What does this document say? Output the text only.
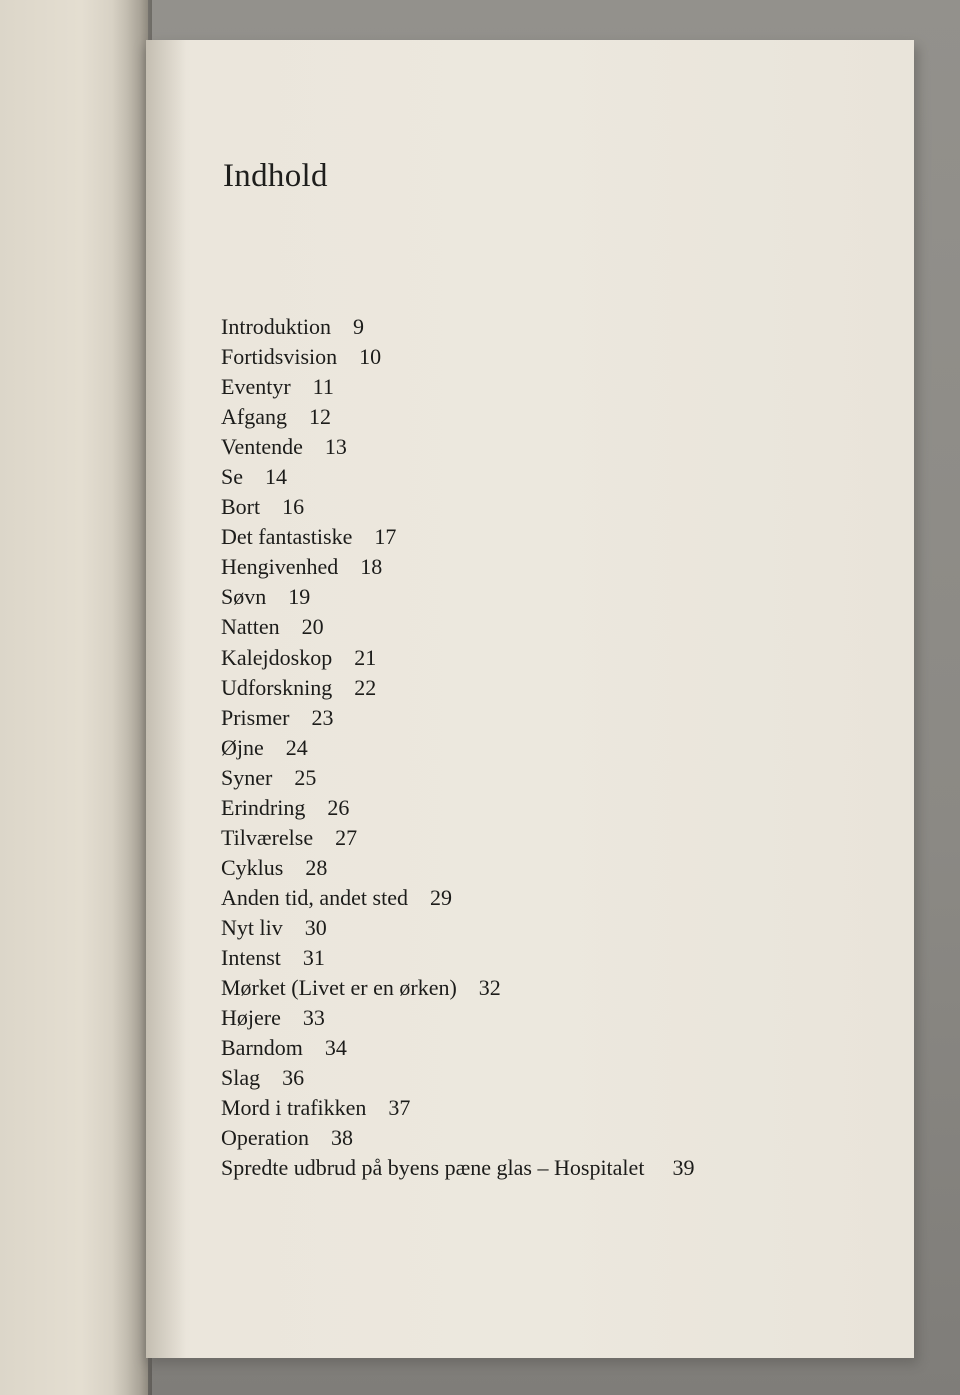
Indhold
Introduktion 9
Fortidsvision 10
Eventyr 11
Afgang 12
Ventende 13
Se 14
Bort 16
Det fantastiske 17
Hengivenhed 18
Søvn 19
Natten 20
Kalejdoskop 21
Udforskning 22
Prismer 23
Øjne 24
Syner 25
Erindring 26
Tilværelse 27
Cyklus 28
Anden tid, andet sted 29
Nyt liv 30
Intenst 31
Mørket (Livet er en ørken) 32
Højere 33
Barndom 34
Slag 36
Mord i trafikken 37
Operation 38
Spredte udbrud på byens pæne glas – Hospitalet 39
